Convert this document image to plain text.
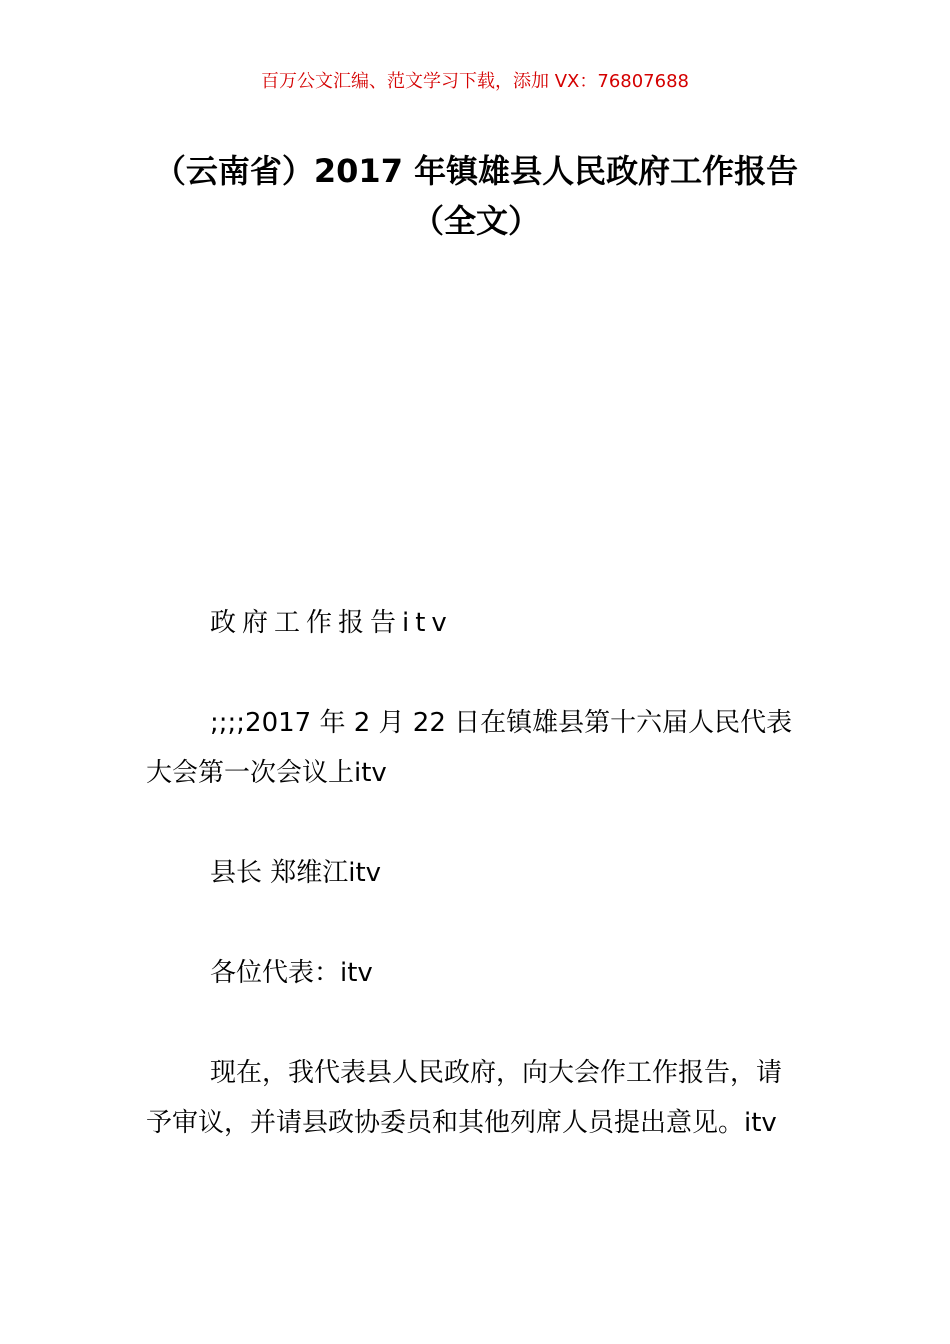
百万公文汇编、范文学习下载，添加 VX：76807688
（云南省）2017 年镇雄县人民政府工作报告（全文）
政府工作报告itv
;;;;2017 年 2 月 22 日在镇雄县第十六届人民代表大会第一次会议上itv
县长 郑维江itv
各位代表：itv
现在，我代表县人民政府，向大会作工作报告，请予审议，并请县政协委员和其他列席人员提出意见。itv
